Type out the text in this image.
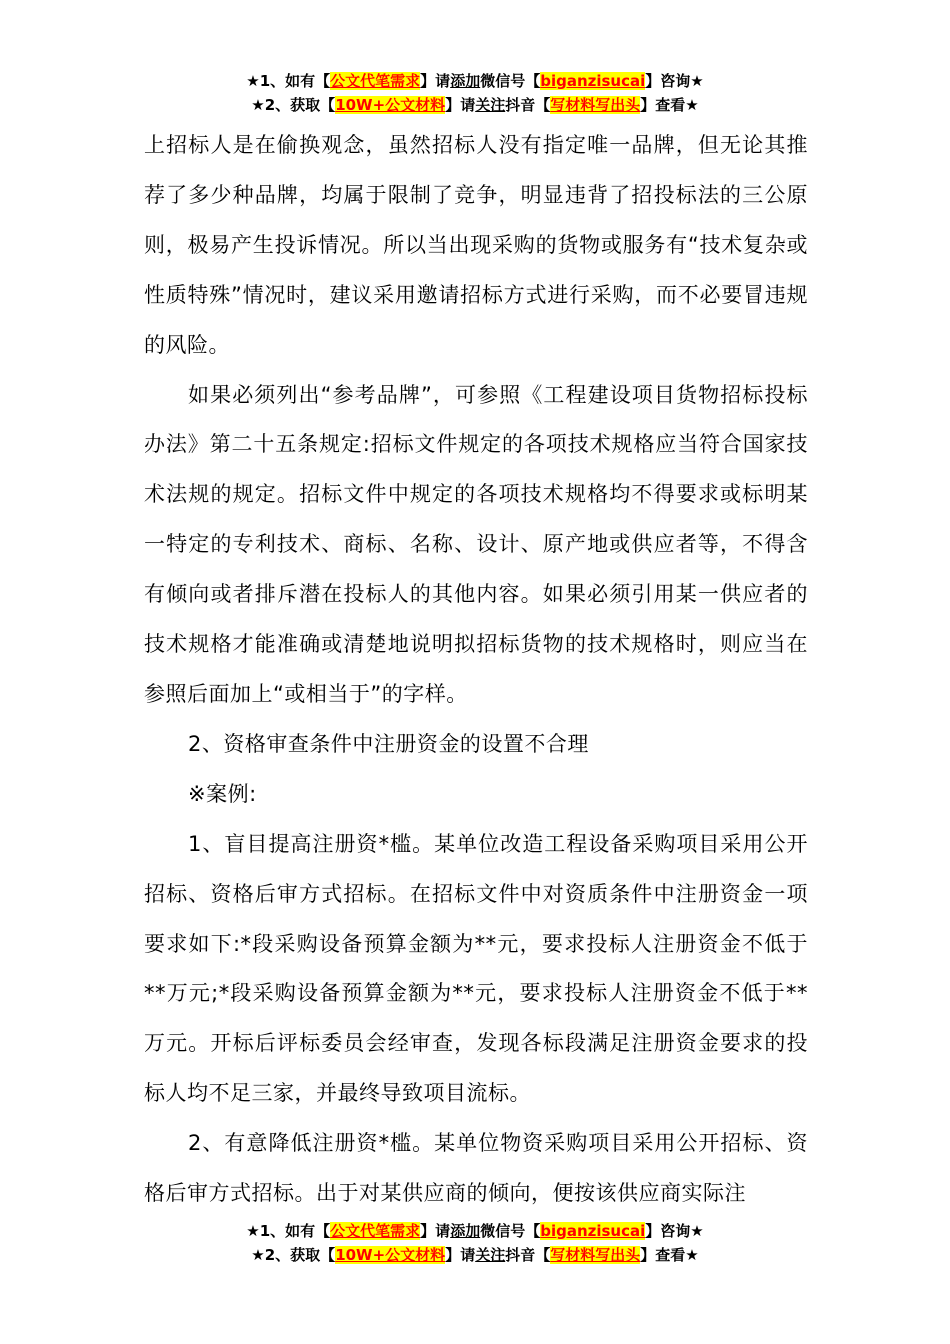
★1、如有【公文代笔需求】请添加微信号【biganzisucai】咨询★
★2、获取【10W+公文材料】请关注抖音【写材料写出头】查看★

上招标人是在偷换观念，虽然招标人没有指定唯一品牌，但无论其推荐了多少种品牌，均属于限制了竞争，明显违背了招投标法的三公原则，极易产生投诉情况。所以当出现采购的货物或服务有“技术复杂或性质特殊”情况时，建议采用邀请招标方式进行采购，而不必要冒违规的风险。

如果必须列出“参考品牌”，可参照《工程建设项目货物招标投标办法》第二十五条规定:招标文件规定的各项技术规格应当符合国家技术法规的规定。招标文件中规定的各项技术规格均不得要求或标明某一特定的专利技术、商标、名称、设计、原产地或供应者等，不得含有倾向或者排斥潜在投标人的其他内容。如果必须引用某一供应者的技术规格才能准确或清楚地说明拟招标货物的技术规格时，则应当在参照后面加上“或相当于”的字样。

2、资格审查条件中注册资金的设置不合理

※案例:

1、盲目提高注册资*槛。某单位改造工程设备采购项目采用公开招标、资格后审方式招标。在招标文件中对资质条件中注册资金一项要求如下:*段采购设备预算金额为**元，要求投标人注册资金不低于**万元;*段采购设备预算金额为**元，要求投标人注册资金不低于**万元。开标后评标委员会经审查，发现各标段满足注册资金要求的投标人均不足三家，并最终导致项目流标。

2、有意降低注册资*槛。某单位物资采购项目采用公开招标、资格后审方式招标。出于对某供应商的倾向，便按该供应商实际注

★1、如有【公文代笔需求】请添加微信号【biganzisucai】咨询★
★2、获取【10W+公文材料】请关注抖音【写材料写出头】查看★
